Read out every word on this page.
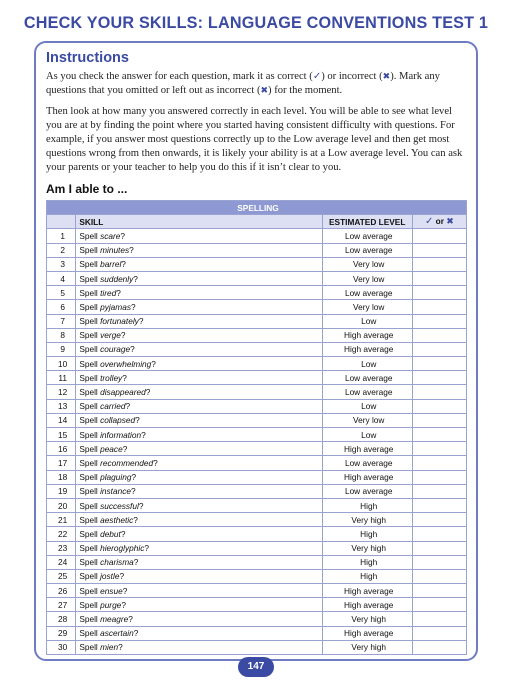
CHECK YOUR SKILLS: LANGUAGE CONVENTIONS TEST 1
Instructions

As you check the answer for each question, mark it as correct (✓) or incorrect (✖). Mark any questions that you omitted or left out as incorrect (✖) for the moment.

Then look at how many you answered correctly in each level. You will be able to see what level you are at by finding the point where you started having consistent difficulty with questions. For example, if you answer most questions correctly up to the Low average level and then get most questions wrong from then onwards, it is likely your ability is at a Low average level. You can ask your parents or your teacher to help you do this if it isn’t clear to you.

Am I able to ...
SPELLING			
	SKILL	ESTIMATED LEVEL	✓ or ✖
1	Spell scare?	Low average	
2	Spell minutes?	Low average	
3	Spell barrel?	Very low	
4	Spell suddenly?	Very low	
5	Spell tired?	Low average	
6	Spell pyjamas?	Very low	
7	Spell fortunately?	Low	
8	Spell verge?	High average	
9	Spell courage?	High average	
10	Spell overwhelming?	Low	
11	Spell trolley?	Low average	
12	Spell disappeared?	Low average	
13	Spell carried?	Low	
14	Spell collapsed?	Very low	
15	Spell information?	Low	
16	Spell peace?	High average	
17	Spell recommended?	Low average	
18	Spell plaguing?	High average	
19	Spell instance?	Low average	
20	Spell successful?	High	
21	Spell aesthetic?	Very high	
22	Spell debut?	High	
23	Spell hieroglyphic?	Very high	
24	Spell charisma?	High	
25	Spell jostle?	High	
26	Spell ensue?	High average	
27	Spell purge?	High average	
28	Spell meagre?	Very high	
29	Spell ascertain?	High average	
30	Spell mien?	Very high	
147
